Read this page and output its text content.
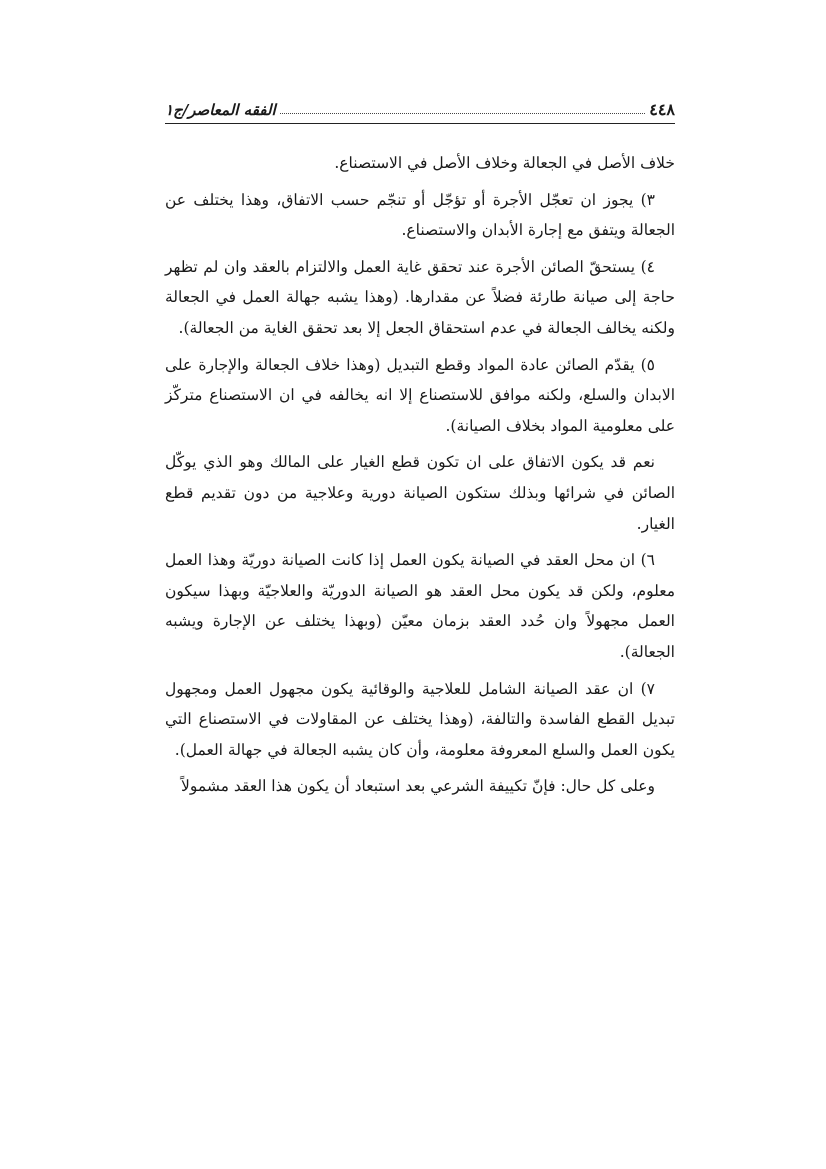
٤٤٨
الفقه المعاصر/ج١

خلاف الأصل في الجعالة وخلاف الأصل في الاستصناع.

٣) يجوز ان تعجّل الأجرة أو تؤجّل أو تنجّم حسب الاتفاق، وهذا يختلف عن الجعالة ويتفق مع إجارة الأبدان والاستصناع.

٤) يستحقّ الصائن الأجرة عند تحقق غاية العمل والالتزام بالعقد وان لم تظهر حاجة إلى صيانة طارئة فضلاً عن مقدارها. (وهذا يشبه جهالة العمل في الجعالة ولكنه يخالف الجعالة في عدم استحقاق الجعل إلا بعد تحقق الغاية من الجعالة).

٥) يقدّم الصائن عادة المواد وقطع التبديل (وهذا خلاف الجعالة والإجارة على الابدان والسلع، ولكنه موافق للاستصناع إلا انه يخالفه في ان الاستصناع متركّز على معلومية المواد بخلاف الصيانة).

نعم قد يكون الاتفاق على ان تكون قطع الغيار على المالك وهو الذي يوكّل الصائن في شرائها وبذلك ستكون الصيانة دورية وعلاجية من دون تقديم قطع الغيار.

٦) ان محل العقد في الصيانة يكون العمل إذا كانت الصيانة دوريّة وهذا العمل معلوم، ولكن قد يكون محل العقد هو الصيانة الدوريّة والعلاجيّة وبهذا سيكون العمل مجهولاً وان حُدد العقد بزمان معيّن (وبهذا يختلف عن الإجارة ويشبه الجعالة).

٧) ان عقد الصيانة الشامل للعلاجية والوقائية يكون مجهول العمل ومجهول تبديل القطع الفاسدة والتالفة، (وهذا يختلف عن المقاولات في الاستصناع التي يكون العمل والسلع المعروفة معلومة، وأن كان يشبه الجعالة في جهالة العمل).

وعلى كل حال: فإنّ تكييفة الشرعي بعد استبعاد أن يكون هذا العقد مشمولاً
